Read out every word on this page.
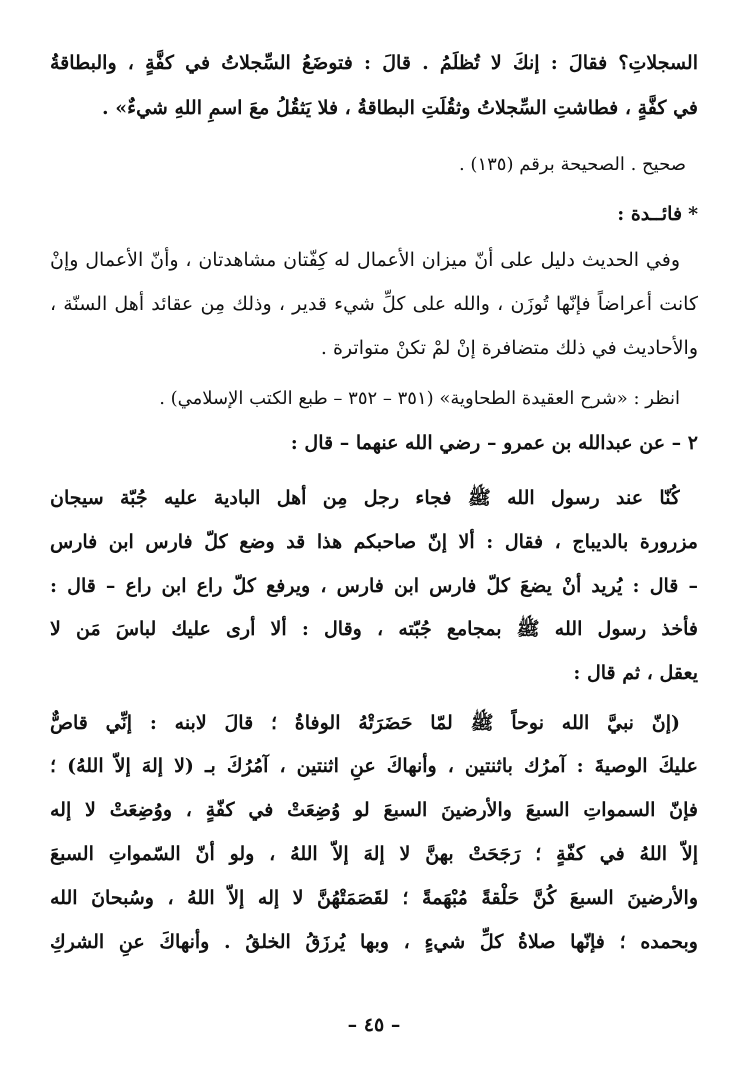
السجلاتِ؟ فقالَ : إنكَ لا تُظلَمُ . قالَ : فتوضَعُ السِّجلاتُ في كفَّةٍ ، والبطاقةُ
في كفَّةٍ ، فطاشتِ السِّجلاتُ وثقُلَتِ البطاقةُ ، فلا يَثقُلُ معَ اسمِ اللهِ شيءٌ» .
صحيح . الصحيحة برقم (١٣٥) .
*فائــدة :
وفي الحديث دليل على أنّ ميزان الأعمال له كِفّتان مشاهدتان ، وأنّ الأعمال وإنْ
كانت أعراضاً فإنّها تُوزَن ، والله على كلِّ شيء قدير ، وذلك مِن عقائد أهل السنّة ،
والأحاديث في ذلك متضافرة إنْ لمْ تكنْ متواترة .
انظر : «شرح العقيدة الطحاوية» (٣٥١ – ٣٥٢ – طبع الكتب الإسلامي) .
٢ – عن عبدالله بن عمرو – رضي الله عنهما – قال :
كُنّا عند رسول الله ﷺ فجاء رجل مِن أهل البادية عليه جُبّة سيجان
مزرورة بالديباج ، فقال : ألا إنّ صاحبكم هذا قد وضع كلّ فارس ابن فارس
– قال : يُريد أنْ يضعَ كلّ فارس ابن فارس ، ويرفع كلّ راع ابن راع – قال :
فأخذ رسول الله ﷺ بمجامع جُبّته ، وقال : ألا أرى عليك لباسَ مَن لا
يعقل ، ثم قال :
(إنّ نبيَّ الله نوحاً ﷺ لمّا حَضَرَتْهُ الوفاةُ ؛ قالَ لابنه : إنِّي قاصٌّ
عليكَ الوصيةَ : آمرُك باثنتين ، وأنهاكَ عنِ اثنتين ، آمُرُكَ بـ (لا إلهَ إلاّ اللهُ) ؛
فإنّ السمواتِ السبعَ والأرضينَ السبعَ لو وُضِعَتْ في كفّةٍ ، ووُضِعَتْ لا إله
إلاّ اللهُ في كفّةٍ ؛ رَجَحَتْ بهنَّ لا إلهَ إلاّ اللهُ ، ولو أنّ السّمواتِ السبعَ
والأرضينَ السبعَ كُنَّ حَلْقةً مُبْهَمةً ؛ لقَصَمَتْهُنَّ لا إله إلاّ اللهُ ، وسُبحانَ الله
وبحمده ؛ فإنّها صلاةُ كلِّ شيءٍ ، وبها يُرزَقُ الخلقُ . وأنهاكَ عنِ الشركِ
– ٤٥ –
